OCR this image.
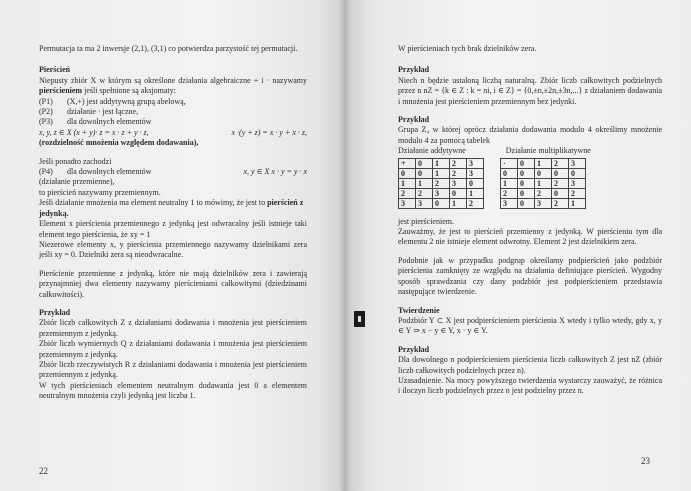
Permutacja ta ma 2 inwersje (2,1), (3,1) co potwierdza parzystość tej permutacji.

Pierścień

Niepusty zbiór X w którym są określone działania algebraiczne + i · nazywamy pierścieniem jeśli spełnione są aksjomaty:

(P1)	(X,+) jest addytywną grupą abelową,
(P2)	działanie · jest łączne,
(P3)	dla dowolnych elementów
x, y, z ∈ X (x + y)· z = x · z + y · z,	x ·(y + z) = x · y + x · z,

(rozdzielność mnożenia względem dodawania),

Jeśli ponadto zachodzi

(P4)	dla dowolnych elementów	x, y ∈ X x · y = y · x

(działanie przemienne),

to pierścień nazywamy przemiennym.

Jeśli działanie mnożenia ma element neutralny 1 to mówimy, że jest to pierścień z jedynką.

Element x pierścienia przemiennego z jedynką jest odwracalny jeśli istnieje taki element tego pierścienia, że xy = 1

Niezerowe elementy x, y pierścienia przemiennego nazywamy dzielnikami zera jeśli xy = 0. Dzielniki zera są nieodwracalne.

Pierścienie przemienne z jedynką, które nie mają dzielników zera i zawierają przynajmniej dwa elementy nazywamy pierścieniami całkowitymi (dziedzinami całkowitości).

Przykład

Zbiór liczb całkowitych Z z działaniami dodawania i mnożenia jest pierścieniem przemiennym z jedynką.

Zbiór liczb wymiernych Q z działaniami dodawania i mnożenia jest pierścieniem przemiennym z jedynką.

Zbiór liczb rzeczywistych R z działaniami dodawania i mnożenia jest pierścieniem przemiennym z jedynką.

W tych pierścieniach elementem neutralnym dodawania jest 0 a elementem neutralnym mnożenia czyli jedynką jest liczba 1.

22

W pierścieniach tych brak dzielników zera.

Przykład

Niech n będzie ustaloną liczbą naturalną. Zbiór liczb całkowitych podzielnych przez n nZ = {k ∈ Z : k = ni, i ∈ Z} = {0,±n,±2n,±3n,...} z działaniem dodawania i mnożenia jest pierścieniem przemiennym bez jedynki.

Przykład

Grupa Z₄ w której oprócz działania dodawania modulo 4 określimy mnożenie modulo 4 za pomocą tabelek

Działanie addytywne	Działanie multiplikatywne
+	0	1	2	3
0	0	1	2	3
1	1	2	3	0
2	2	3	0	1
3	3	0	1	2
·	0	1	2	3
0	0	0	0	0
1	0	1	2	3
2	0	2	0	2
3	0	3	2	1

jest pierścieniem.

Zauważmy, że jest to pierścień przemienny z jedynką. W pierścieniu tym dla elementu 2 nie istnieje element odwrotny. Element 2 jest dzielnikiem zera.

Podobnie jak w przypadku podgrup określamy podpierścień jako podzbiór pierścienia zamknięty ze względu na działania definiujące pierścień. Wygodny sposób sprawdzania czy dany podzbiór jest podpierścieniem przedstawia następujące twierdzenie.

Twierdzenie

Podzbiór Y ⊂ X jest podpierścieniem pierścienia X wtedy i tylko wtedy, gdy x, y ∈ Y ⇒ x − y ∈ Y, x · y ∈ Y.

Przykład

Dla dowolnego n podpierścieniem pierścienia liczb całkowitych Z jest nZ (zbiór liczb całkowitych podzielnych przez n).

Uzasadnienie. Na mocy powyższego twierdzenia wystarczy zauważyć, że różnica i iloczyn liczb podzielnych przez n jest podzielny przez n.

23
